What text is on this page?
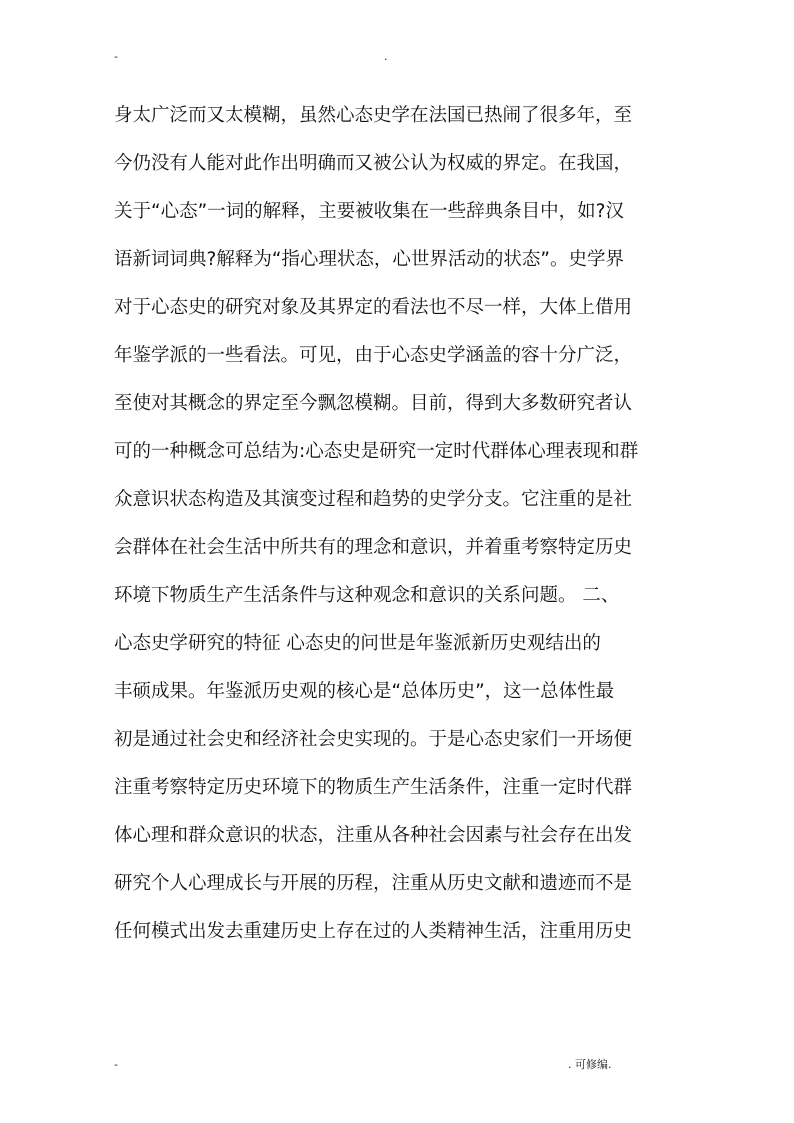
-	.
身太广泛而又太模糊，虽然心态史学在法国已热闹了很多年，至
今仍没有人能对此作出明确而又被公认为权威的界定。在我国，
关于“心态”一词的解释，主要被收集在一些辞典条目中，如?汉
语新词词典?解释为“指心理状态，心世界活动的状态”。史学界
对于心态史的研究对象及其界定的看法也不尽一样，大体上借用
年鉴学派的一些看法。可见，由于心态史学涵盖的容十分广泛，
至使对其概念的界定至今飘忽模糊。目前，得到大多数研究者认
可的一种概念可总结为:心态史是研究一定时代群体心理表现和群
众意识状态构造及其演变过程和趋势的史学分支。它注重的是社
会群体在社会生活中所共有的理念和意识，并着重考察特定历史
环境下物质生产生活条件与这种观念和意识的关系问题。 二、
心态史学研究的特征 心态史的问世是年鉴派新历史观结出的
丰硕成果。年鉴派历史观的核心是“总体历史”，这一总体性最
初是通过社会史和经济社会史实现的。于是心态史家们一开场便
注重考察特定历史环境下的物质生产生活条件，注重一定时代群
体心理和群众意识的状态，注重从各种社会因素与社会存在出发
研究个人心理成长与开展的历程，注重从历史文献和遗迹而不是
任何模式出发去重建历史上存在过的人类精神生活，注重用历史
-	. 可修编.
